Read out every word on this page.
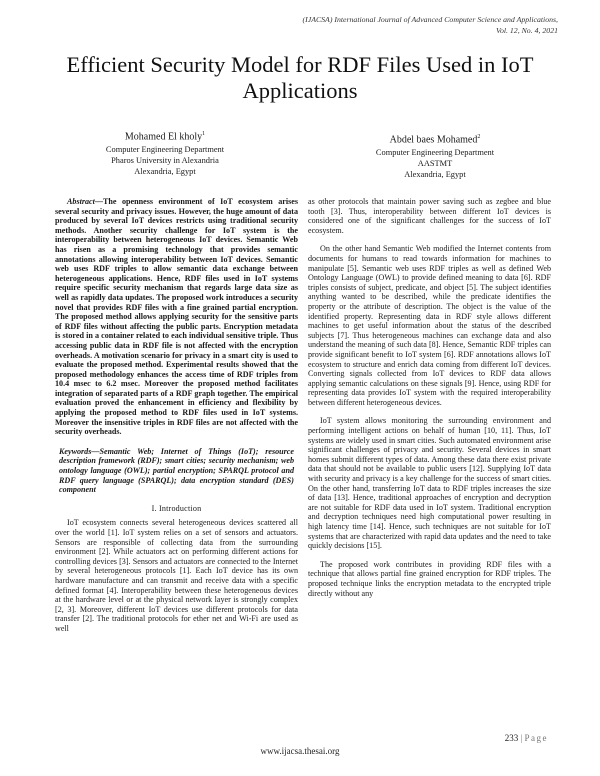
(IJACSA) International Journal of Advanced Computer Science and Applications,
Vol. 12, No. 4, 2021
Efficient Security Model for RDF Files Used in IoT Applications
Mohamed El kholy$^1$
Computer Engineering Department
Pharos University in Alexandria
Alexandria, Egypt
Abdel baes Mohamed$^2$
Computer Engineering Department
AASTMT
Alexandria, Egypt

Abstract—The openness environment of IoT ecosystem arises several security and privacy issues. However, the huge amount of data produced by several IoT devices restricts using traditional security methods. Another security challenge for IoT system is the interoperability between heterogeneous IoT devices. Semantic Web has risen as a promising technology that provides semantic annotations allowing interoperability between IoT devices. Semantic web uses RDF triples to allow semantic data exchange between heterogeneous applications. Hence, RDF files used in IoT systems require specific security mechanism that regards large data size as well as rapidly data updates. The proposed work introduces a security novel that provides RDF files with a fine grained partial encryption. The proposed method allows applying security for the sensitive parts of RDF files without affecting the public parts. Encryption metadata is stored in a container related to each individual sensitive triple. Thus accessing public data in RDF file is not affected with the encryption overheads. A motivation scenario for privacy in a smart city is used to evaluate the proposed method. Experimental results showed that the proposed methodology enhances the access time of RDF triples from 10.4 msec to 6.2 msec. Moreover the proposed method facilitates integration of separated parts of a RDF graph together. The empirical evaluation proved the enhancement in efficiency and flexibility by applying the proposed method to RDF files used in IoT systems. Moreover the insensitive triples in RDF files are not affected with the security overheads.

Keywords—Semantic Web; Internet of Things (IoT); resource description framework (RDF); smart cities; security mechanism; web ontology language (OWL); partial encryption; SPARQL protocol and RDF query language (SPARQL); data encryption standard (DES) component

I. Introduction

IoT ecosystem connects several heterogeneous devices scattered all over the world [1]. IoT system relies on a set of sensors and actuators. Sensors are responsible of collecting data from the surrounding environment [2]. While actuators act on performing different actions for controlling devices [3]. Sensors and actuators are connected to the Internet by several heterogeneous protocols [1]. Each IoT device has its own hardware manufacture and can transmit and receive data with a specific defined format [4]. Interoperability between these heterogeneous devices at the hardware level or at the physical network layer is strongly complex [2, 3]. Moreover, different IoT devices use different protocols for data transfer [2]. The traditional protocols for ether net and Wi-Fi are used as well

as other protocols that maintain power saving such as zegbee and blue tooth [3]. Thus, interoperability between different IoT devices is considered one of the significant challenges for the success of IoT ecosystem.

On the other hand Semantic Web modified the Internet contents from documents for humans to read towards information for machines to manipulate [5]. Semantic web uses RDF triples as well as defined Web Ontology Language (OWL) to provide defined meaning to data [6]. RDF triples consists of subject, predicate, and object [5]. The subject identifies anything wanted to be described, while the predicate identifies the property or the attribute of description. The object is the value of the identified property. Representing data in RDF style allows different machines to get useful information about the status of the described subjects [7]. Thus heterogeneous machines can exchange data and also understand the meaning of such data [8]. Hence, Semantic RDF triples can provide significant benefit to IoT system [6]. RDF annotations allows IoT ecosystem to structure and enrich data coming from different IoT devices. Converting signals collected from IoT devices to RDF data allows applying semantic calculations on these signals [9]. Hence, using RDF for representing data provides IoT system with the required interoperability between different heterogeneous devices.

IoT system allows monitoring the surrounding environment and performing intelligent actions on behalf of human [10, 11]. Thus, IoT systems are widely used in smart cities. Such automated environment arise significant challenges of privacy and security. Several devices in smart homes submit different types of data. Among these data there exist private data that should not be available to public users [12]. Supplying IoT data with security and privacy is a key challenge for the success of smart cities. On the other hand, transferring IoT data to RDF triples increases the size of data [13]. Hence, traditional approaches of encryption and decryption are not suitable for RDF data used in IoT system. Traditional encryption and decryption techniques need high computational power resulting in high latency time [14]. Hence, such techniques are not suitable for IoT systems that are characterized with rapid data updates and the need to take quickly decisions [15].

The proposed work contributes in providing RDF files with a technique that allows partial fine grained encryption for RDF triples. The proposed technique links the encryption metadata to the encrypted triple directly without any

233 | Page
www.ijacsa.thesai.org
